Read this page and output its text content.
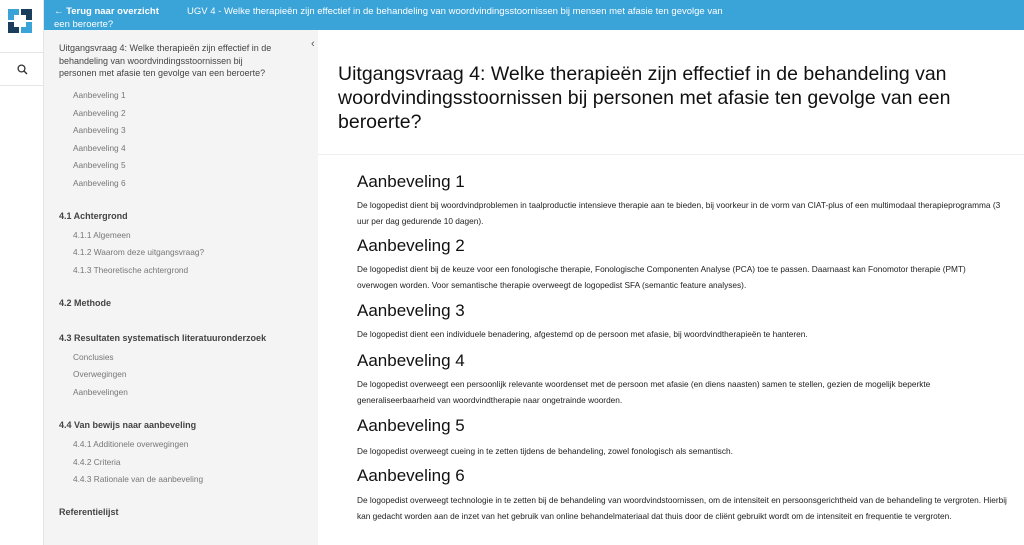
← Terug naar overzicht
een beroerte?
UGV 4 - Welke therapieën zijn effectief in de behandeling van woordvindingsstoornissen bij mensen met afasie ten gevolge van
Uitgangsvraag 4: Welke therapieën zijn effectief in de
behandeling van woordvindingsstoornissen bij
personen met afasie ten gevolge van een beroerte?
Aanbeveling 1
Aanbeveling 2
Aanbeveling 3
Aanbeveling 4
Aanbeveling 5
Aanbeveling 6
4.1 Achtergrond
4.1.1 Algemeen
4.1.2 Waarom deze uitgangsvraag?
4.1.3 Theoretische achtergrond
4.2 Methode
4.3 Resultaten systematisch literatuuronderzoek
Conclusies
Overwegingen
Aanbevelingen
4.4 Van bewijs naar aanbeveling
4.4.1 Additionele overwegingen
4.4.2 Criteria
4.4.3 Rationale van de aanbeveling
Referentielijst
‹
Uitgangsvraag 4: Welke therapieën zijn effectief in de behandeling van woordvindingsstoornissen bij personen met afasie ten gevolge van een beroerte?
Aanbeveling 1

De logopedist dient bij woordvindproblemen in taalproductie intensieve therapie aan te bieden, bij voorkeur in de vorm van CIAT-plus of een multimodaal therapieprogramma (3 uur per dag gedurende 10 dagen).

Aanbeveling 2

De logopedist dient bij de keuze voor een fonologische therapie, Fonologische Componenten Analyse (PCA) toe te passen. Daarnaast kan Fonomotor therapie (PMT) overwogen worden. Voor semantische therapie overweegt de logopedist SFA (semantic feature analyses).

Aanbeveling 3

De logopedist dient een individuele benadering, afgestemd op de persoon met afasie, bij woordvindtherapieën te hanteren.

Aanbeveling 4

De logopedist overweegt een persoonlijk relevante woordenset met de persoon met afasie (en diens naasten) samen te stellen, gezien de mogelijk beperkte generaliseerbaarheid van woordvindtherapie naar ongetrainde woorden.

Aanbeveling 5

De logopedist overweegt cueing in te zetten tijdens de behandeling, zowel fonologisch als semantisch.

Aanbeveling 6

De logopedist overweegt technologie in te zetten bij de behandeling van woordvindstoornissen, om de intensiteit en persoonsgerichtheid van de behandeling te vergroten. Hierbij kan gedacht worden aan de inzet van het gebruik van online behandelmateriaal dat thuis door de cliënt gebruikt wordt om de intensiteit en frequentie te vergroten.
